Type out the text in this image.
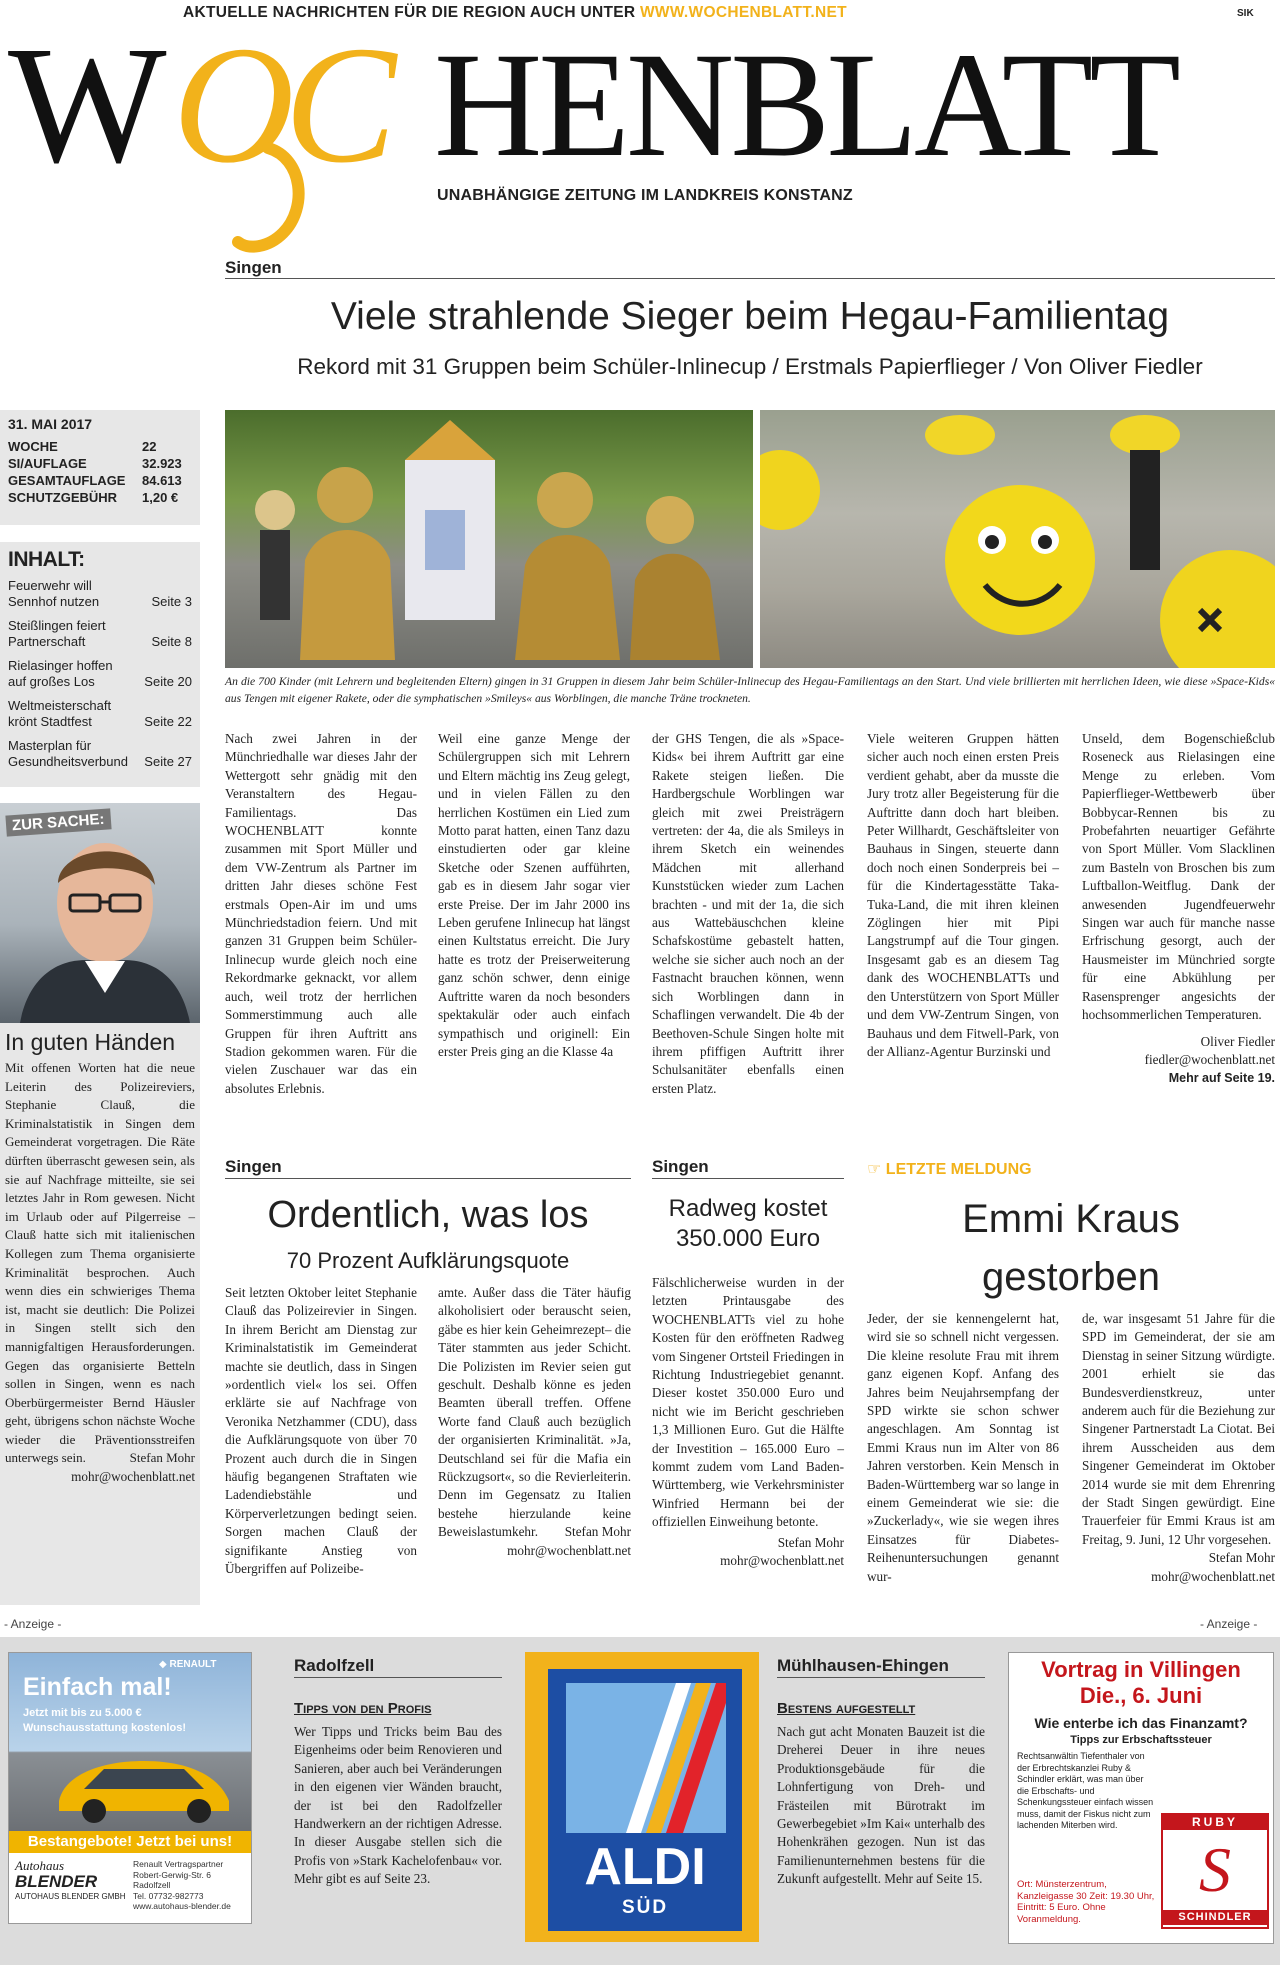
AKTUELLE NACHRICHTEN FÜR DIE REGION AUCH UNTER WWW.WOCHENBLATT.NET	SIK
W OC HENBLATT
UNABHÄNGIGE ZEITUNG IM LANDKREIS KONSTANZ
31. MAI 2017
WOCHE	22
SI/AUFLAGE	32.923
GESAMTAUFLAGE 84.613
SCHUTZGEBÜHR 1,20 €
INHALT:
Feuerwehr will Sennhof nutzen	Seite 3
Steißlingen feiert Partnerschaft	Seite 8
Rielasinger hoffen auf großes Los	Seite 20
Weltmeisterschaft krönt Stadtfest	Seite 22
Masterplan für Gesundheitsverbund Seite 27
ZUR SACHE:
In guten Händen
Mit offenen Worten hat die neue Leiterin des Polizeireviers, Stephanie Clauß, die Kriminalstatistik in Singen dem Gemeinderat vorgetragen. Die Räte dürften überrascht gewesen sein, als sie auf Nachfrage mitteilte, sie sei letztes Jahr in Rom gewesen. Nicht im Urlaub oder auf Pilgerreise – Clauß hatte sich mit italienischen Kollegen zum Thema organisierte Kriminalität besprochen. Auch wenn dies ein schwieriges Thema ist, macht sie deutlich: Die Polizei in Singen stellt sich den mannigfaltigen Herausforderungen. Gegen das organisierte Betteln sollen in Singen, wenn es nach Oberbürgermeister Bernd Häusler geht, übrigens schon nächste Woche wieder die Präventionsstreifen unterwegs sein.	Stefan Mohr
mohr@wochenblatt.net
Singen
Viele strahlende Sieger beim Hegau-Familientag
Rekord mit 31 Gruppen beim Schüler-Inlinecup / Erstmals Papierflieger / Von Oliver Fiedler
An die 700 Kinder (mit Lehrern und begleitenden Eltern) gingen in 31 Gruppen in diesem Jahr beim Schüler-Inlinecup des Hegau-Familientags an den Start. Und viele brillierten mit herrlichen Ideen, wie diese »Space-Kids« aus Tengen mit eigener Rakete, oder die symphatischen »Smileys« aus Worblingen, die manche Träne trockneten.
Nach zwei Jahren in der Münchriedhalle war dieses Jahr der Wettergott sehr gnädig mit den Veranstaltern des Hegau-Familientags. Das WOCHENBLATT konnte zusammen mit Sport Müller und dem VW-Zentrum als Partner im dritten Jahr dieses schöne Fest erstmals Open-Air im und ums Münchriedstadion feiern. Und mit ganzen 31 Gruppen beim Schüler-Inlinecup wurde gleich noch eine Rekordmarke geknackt, vor allem auch, weil trotz der herrlichen Sommerstimmung auch alle Gruppen für ihren Auftritt ans Stadion gekommen waren. Für die vielen Zuschauer war das ein absolutes Erlebnis.
Weil eine ganze Menge der Schülergruppen sich mit Lehrern und Eltern mächtig ins Zeug gelegt, und in vielen Fällen zu den herrlichen Kostümen ein Lied zum Motto parat hatten, einen Tanz dazu einstudierten oder gar kleine Sketche oder Szenen aufführten, gab es in diesem Jahr sogar vier erste Preise. Der im Jahr 2000 ins Leben gerufene Inlinecup hat längst einen Kultstatus erreicht. Die Jury hatte es trotz der Preiserweiterung ganz schön schwer, denn einige Auftritte waren da noch besonders spektakulär oder auch einfach sympathisch und originell: Ein erster Preis ging an die Klasse 4a
der GHS Tengen, die als »Space-Kids« bei ihrem Auftritt gar eine Rakete steigen ließen. Die Hardbergschule Worblingen war gleich mit zwei Preisträgern vertreten: der 4a, die als Smileys in ihrem Sketch ein weinendes Mädchen mit allerhand Kunststücken wieder zum Lachen brachten - und mit der 1a, die sich aus Wattebäuschchen kleine Schafskostüme gebastelt hatten, welche sie sicher auch noch an der Fastnacht brauchen können, wenn sich Worblingen dann in Schaflingen verwandelt. Die 4b der Beethoven-Schule Singen holte mit ihrem pfiffigen Auftritt ihrer Schulsanitäter ebenfalls einen ersten Platz.
Viele weiteren Gruppen hätten sicher auch noch einen ersten Preis verdient gehabt, aber da musste die Jury trotz aller Begeisterung für die Auftritte dann doch hart bleiben. Peter Willhardt, Geschäftsleiter von Bauhaus in Singen, steuerte dann doch noch einen Sonderpreis bei – für die Kindertagesstätte Taka-Tuka-Land, die mit ihren kleinen Zöglingen hier mit Pipi Langstrumpf auf die Tour gingen. Insgesamt gab es an diesem Tag dank des WOCHENBLATTs und den Unterstützern von Sport Müller und dem VW-Zentrum Singen, von Bauhaus und dem Fitwell-Park, von der Allianz-Agentur Burzinski und
Unseld, dem Bogenschießclub Roseneck aus Rielasingen eine Menge zu erleben. Vom Papierflieger-Wettbewerb über Bobbycar-Rennen bis zu Probefahrten neuartiger Gefährte von Sport Müller. Vom Slacklinen zum Basteln von Broschen bis zum Luftballon-Weitflug. Dank der anwesenden Jugendfeuerwehr Singen war auch für manche nasse Erfrischung gesorgt, auch der Hausmeister im Münchried sorgte für eine Abkühlung per Rasensprenger angesichts der hochsommerlichen Temperaturen.
Oliver Fiedler
fiedler@wochenblatt.net
Mehr auf Seite 19.
Singen
Ordentlich, was los
70 Prozent Aufklärungsquote
Seit letzten Oktober leitet Stephanie Clauß das Polizeirevier in Singen. In ihrem Bericht am Dienstag zur Kriminalstatistik im Gemeinderat machte sie deutlich, dass in Singen »ordentlich viel« los sei. Offen erklärte sie auf Nachfrage von Veronika Netzhammer (CDU), dass die Aufklärungsquote von über 70 Prozent auch durch die in Singen häufig begangenen Straftaten wie Ladendiebstähle und Körperverletzungen bedingt seien. Sorgen machen Clauß der signifikante Anstieg von Übergriffen auf Polizeibe-
amte. Außer dass die Täter häufig alkoholisiert oder berauscht seien, gäbe es hier kein Geheimrezept– die Täter stammten aus jeder Schicht. Die Polizisten im Revier seien gut geschult. Deshalb könne es jeden Beamten überall treffen. Offene Worte fand Clauß auch bezüglich der organisierten Kriminalität. »Ja, Deutschland sei für die Mafia ein Rückzugsort«, so die Revierleiterin. Denn im Gegensatz zu Italien bestehe hierzulande keine Beweislastumkehr. Stefan Mohr
mohr@wochenblatt.net
Singen
Radweg kostet
350.000 Euro
Fälschlicherweise wurden in der letzten Printausgabe des WOCHENBLATTs viel zu hohe Kosten für den eröffneten Radweg vom Singener Ortsteil Friedingen in Richtung Industriegebiet genannt. Dieser kostet 350.000 Euro und nicht wie im Bericht geschrieben 1,3 Millionen Euro. Gut die Hälfte der Investition – 165.000 Euro – kommt zudem vom Land Baden-Württemberg, wie Verkehrsminister Winfried Hermann bei der offiziellen Einweihung betonte.
Stefan Mohr
mohr@wochenblatt.net
☞ LETZTE MELDUNG
Emmi Kraus
gestorben
Jeder, der sie kennengelernt hat, wird sie so schnell nicht vergessen. Die kleine resolute Frau mit ihrem ganz eigenen Kopf. Anfang des Jahres beim Neujahrsempfang der SPD wirkte sie schon schwer angeschlagen. Am Sonntag ist Emmi Kraus nun im Alter von 86 Jahren verstorben. Kein Mensch in Baden-Württemberg war so lange in einem Gemeinderat wie sie: die »Zuckerlady«, wie sie wegen ihres Einsatzes für Diabetes-Reihenuntersuchungen genannt wur-
de, war insgesamt 51 Jahre für die SPD im Gemeinderat, der sie am Dienstag in seiner Sitzung würdigte. 2001 erhielt sie das Bundesverdienstkreuz, unter anderem auch für die Beziehung zur Singener Partnerstadt La Ciotat. Bei ihrem Ausscheiden aus dem Singener Gemeinderat im Oktober 2014 wurde sie mit dem Ehrenring der Stadt Singen gewürdigt. Eine Trauerfeier für Emmi Kraus ist am Freitag, 9. Juni, 12 Uhr vorgesehen.
Stefan Mohr
mohr@wochenblatt.net
- Anzeige -	- Anzeige -
◆ RENAULT
Einfach mal!
Jetzt mit bis zu 5.000 €
Wunschausstattung kostenlos!
Bestangebote! Jetzt bei uns!
Autohaus
BLENDER
AUTOHAUS BLENDER GMBH
Renault Vertragspartner
Robert-Gerwig-Str. 6
Radolfzell
Tel. 07732-982773
www.autohaus-blender.de
Radolfzell
Tipps von den Profis
Wer Tipps und Tricks beim Bau des Eigenheims oder beim Renovieren und Sanieren, aber auch bei Veränderungen in den eigenen vier Wänden braucht, der ist bei den Radolfzeller Handwerkern an der richtigen Adresse. In dieser Ausgabe stellen sich die Profis von »Stark Kachelofenbau« vor. Mehr gibt es auf Seite 23.	ALDI
SÜD
Mühlhausen-Ehingen
Bestens aufgestellt
Nach gut acht Monaten Bauzeit ist die Dreherei Deuer in ihre neues Produktionsgebäude für die Lohnfertigung von Dreh- und Frästeilen mit Bürotrakt im Gewerbegebiet »Im Kai« unterhalb des Hohenkrähen gezogen. Nun ist das Familienunternehmen bestens für die Zukunft aufgestellt. Mehr auf Seite 15.
Vortrag in Villingen
Die., 6. Juni
Wie enterbe ich das Finanzamt?
Tipps zur Erbschaftssteuer
Rechtsanwältin Tiefenthaler von der Erbrechtskanzlei Ruby & Schindler erklärt, was man über die Erbschafts- und Schenkungssteuer einfach wissen muss, damit der Fiskus nicht zum lachenden Miterben wird.	RUBY
S
SCHINDLER
Ort: Münsterzentrum, Kanzleigasse 30 Zeit: 19.30 Uhr, Eintritt: 5 Euro. Ohne Voranmeldung.
